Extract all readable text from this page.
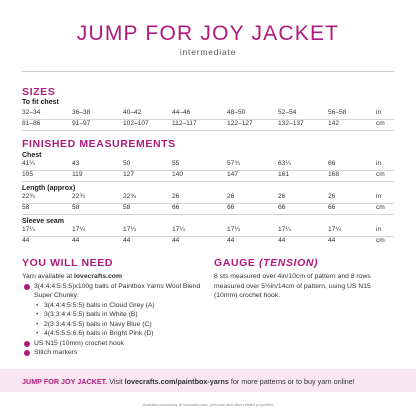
JUMP FOR JOY JACKET
intermediate
SIZES
To fit chest
32–34	36–38	40–42	44–46	48–50	52–54	56–58	in
81–86	91–97	102–107	112–117	122–127	132–137	142	cm
FINISHED MEASUREMENTS
Chest
41¼	43	50	55	57¾	63¼	66	in
105	119	127	140	147	161	168	cm
Length (approx)
22¾	22¾	22¾	26	26	26	26	in
58	58	58	66	66	66	66	cm
Sleeve seam
17¼	17¼	17¼	17¼	17¼	17¼	17¼	in
44	44	44	44	44	44	44	cm
YOU WILL NEED
Yarn available at lovecrafts.com
3(4:4:4:5:5:5)x100g balls of Paintbox Yarns Wool Blend Super Chunky:
• 3(4:4:4:5:5:5) balls in Cloud Grey (A)
• 3(3:3:4:4:5:5) balls in White (B)
• 2(3:3:4:4:5:5) balls in Navy Blue (C)
• 4(4:5:5:5:6:6) balls in Bright Pink (D)
US N15 (10mm) crochet hook
Stitch markers
GAUGE (TENSION)
8 sts measured over 4in/10cm of pattern and 8 rows measured over 5½in/14cm of pattern, using US N15 (10mm) crochet hook.
JUMP FOR JOY JACKET. Visit lovecrafts.com/paintbox-yarns for more patterns or to buy yarn online!
Available exclusively at lovecrafts.com, yarn.com and other related properties
